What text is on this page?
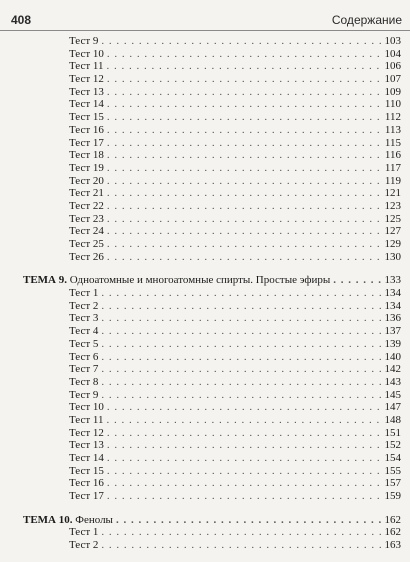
408	Содержание
Тест 9 . . .	103
Тест 10 . . .	104
Тест 11 . . .	106
Тест 12 . . .	107
Тест 13 . . .	109
Тест 14 . . .	110
Тест 15 . . .	112
Тест 16 . . .	113
Тест 17 . . .	115
Тест 18 . . .	116
Тест 19 . . .	117
Тест 20 . . .	119
Тест 21 . . .	121
Тест 22 . . .	123
Тест 23 . . .	125
Тест 24 . . .	127
Тест 25 . . .	129
Тест 26 . . .	130
ТЕМА 9. Одноатомные и многоатомные спирты. Простые эфиры . . .	133
Тест 1 . . .	134
Тест 2 . . .	134
Тест 3 . . .	136
Тест 4 . . .	137
Тест 5 . . .	139
Тест 6 . . .	140
Тест 7 . . .	142
Тест 8 . . .	143
Тест 9 . . .	145
Тест 10 . . .	147
Тест 11 . . .	148
Тест 12 . . .	151
Тест 13 . . .	152
Тест 14 . . .	154
Тест 15 . . .	155
Тест 16 . . .	157
Тест 17 . . .	159
ТЕМА 10. Фенолы . . .	162
Тест 1 . . .	162
Тест 2 . . .	163
